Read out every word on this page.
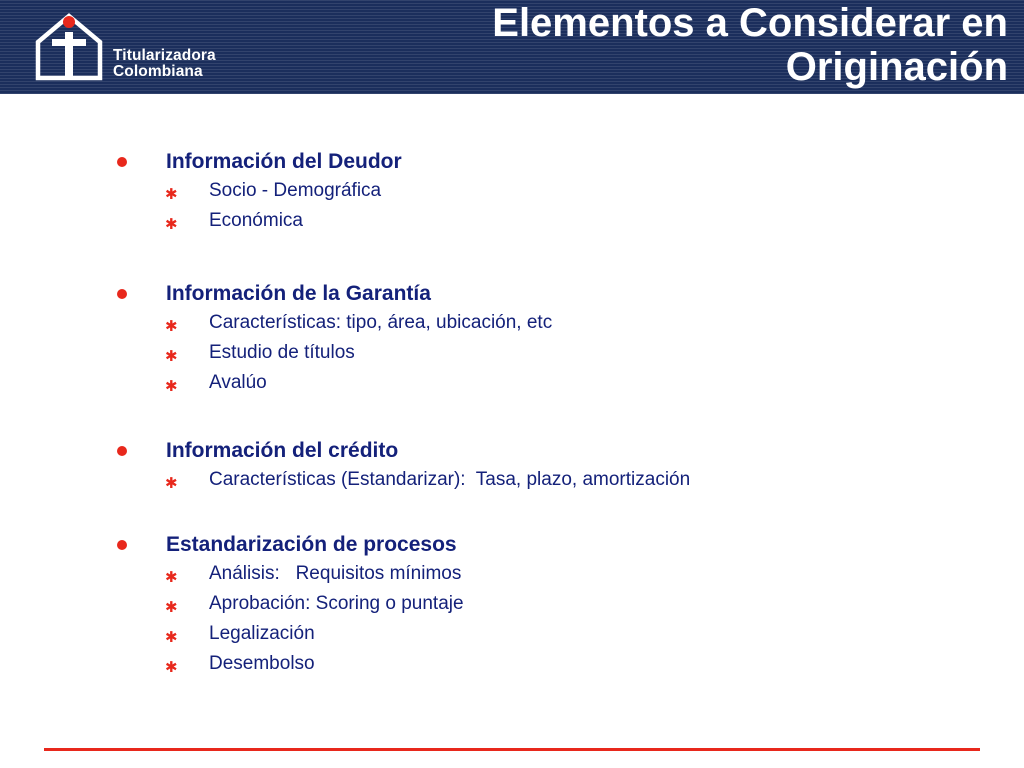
Titularizadora
Colombiana
Elementos a Considerar en
Originación
Información del Deudor
✱ Socio - Demográfica
✱ Económica
Información de la Garantía
✱ Características: tipo, área, ubicación, etc
✱ Estudio de títulos
✱ Avalúo
Información del crédito
✱ Características (Estandarizar):  Tasa, plazo, amortización
Estandarización de procesos
✱ Análisis:   Requisitos mínimos
✱ Aprobación: Scoring o puntaje
✱ Legalización
✱ Desembolso
